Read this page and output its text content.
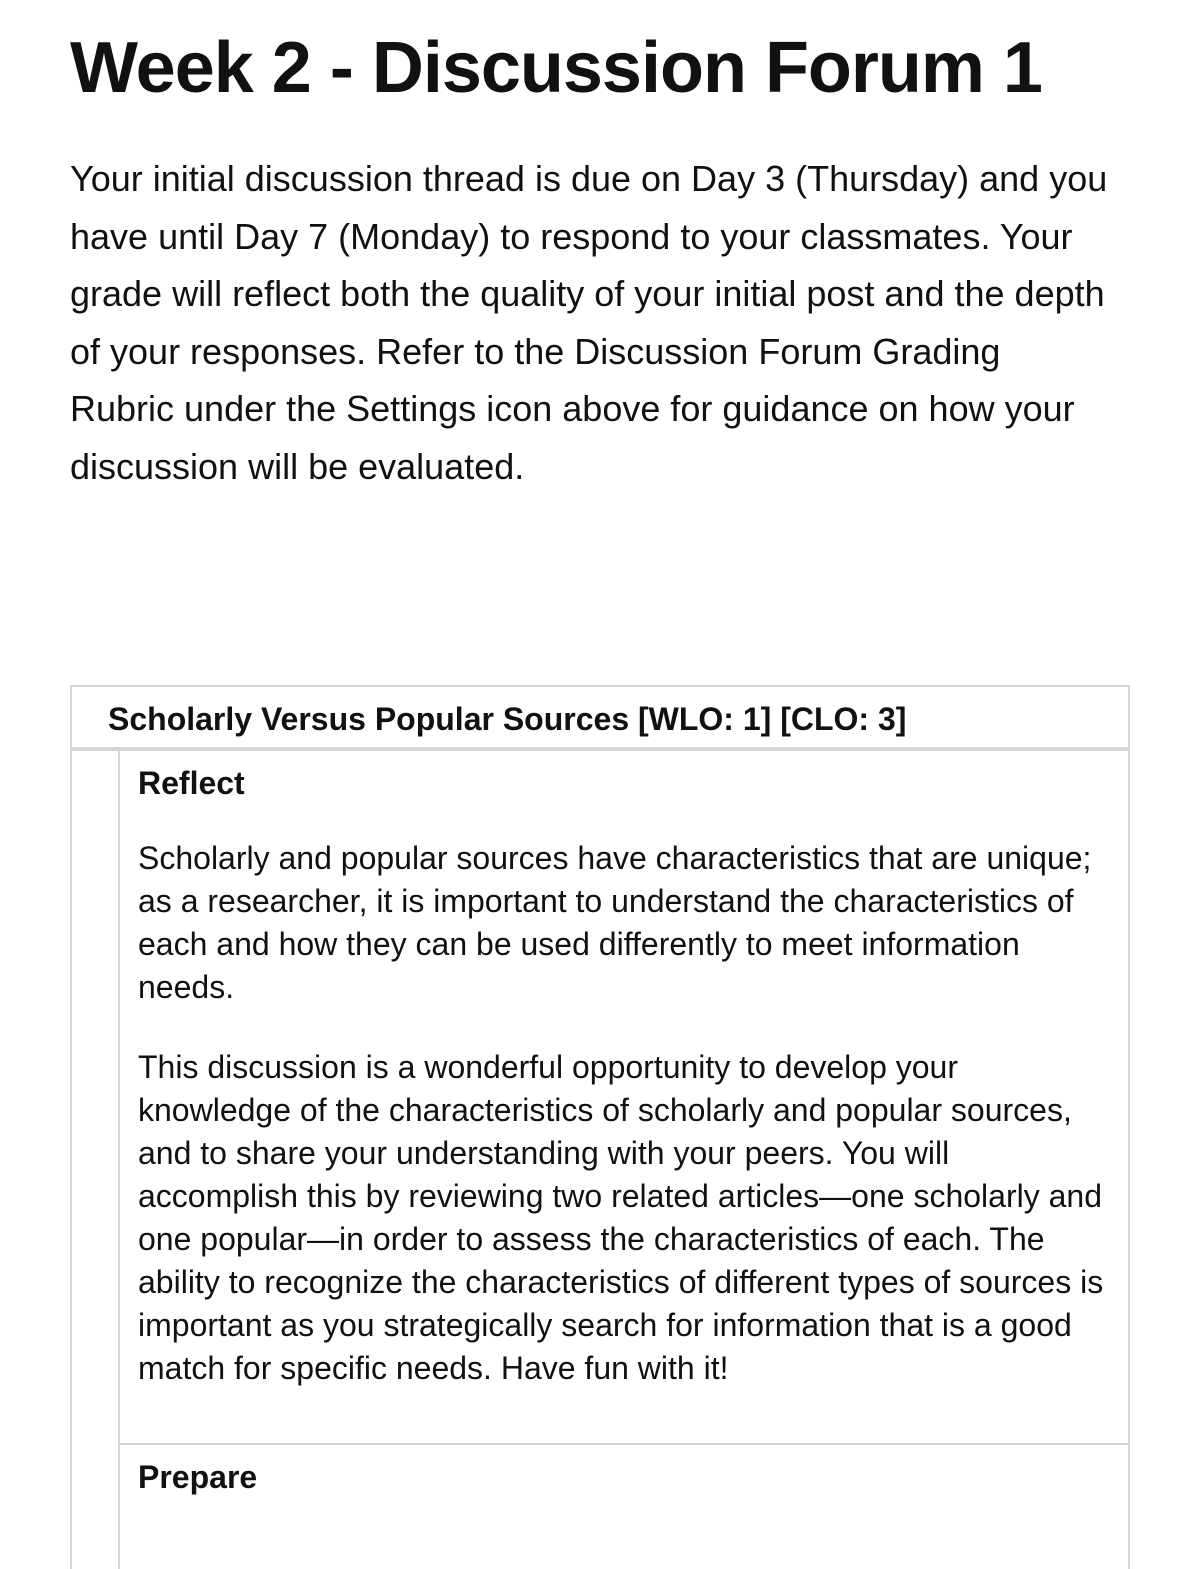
Week 2 - Discussion Forum 1

Your initial discussion thread is due on Day 3 (Thursday) and you have until Day 7 (Monday) to respond to your classmates. Your grade will reflect both the quality of your initial post and the depth of your responses. Refer to the Discussion Forum Grading Rubric under the Settings icon above for guidance on how your discussion will be evaluated.

Scholarly Versus Popular Sources [WLO: 1] [CLO: 3]
Reflect

Scholarly and popular sources have characteristics that are unique; as a researcher, it is important to understand the characteristics of each and how they can be used differently to meet information needs.

This discussion is a wonderful opportunity to develop your knowledge of the characteristics of scholarly and popular sources, and to share your understanding with your peers. You will accomplish this by reviewing two related articles—one scholarly and one popular—in order to assess the characteristics of each. The ability to recognize the characteristics of different types of sources is important as you strategically search for information that is a good match for specific needs. Have fun with it!

Prepare
